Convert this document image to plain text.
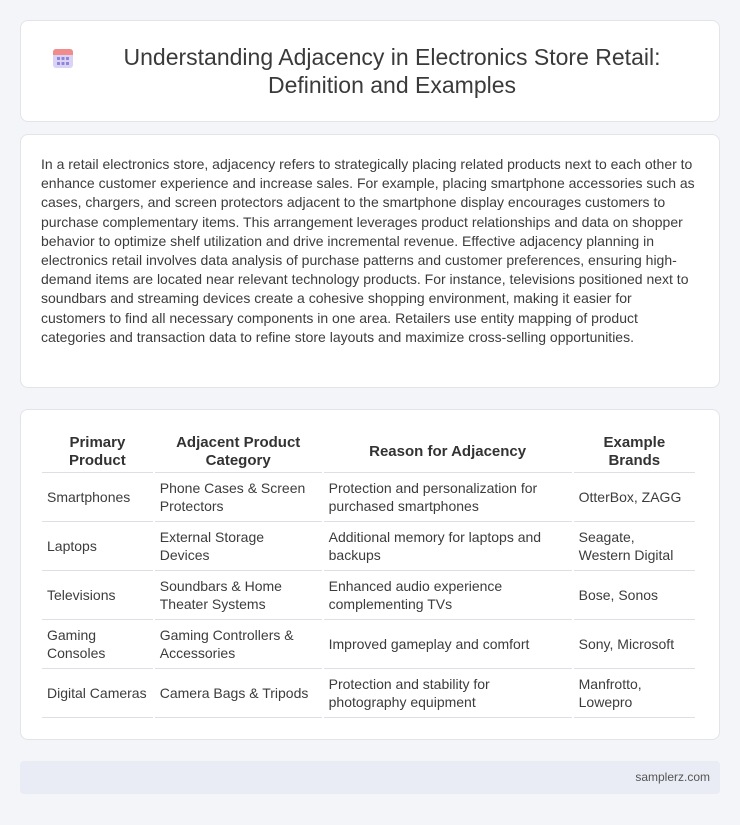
Understanding Adjacency in Electronics Store Retail: Definition and Examples

In a retail electronics store, adjacency refers to strategically placing related products next to each other to enhance customer experience and increase sales. For example, placing smartphone accessories such as cases, chargers, and screen protectors adjacent to the smartphone display encourages customers to purchase complementary items. This arrangement leverages product relationships and data on shopper behavior to optimize shelf utilization and drive incremental revenue. Effective adjacency planning in electronics retail involves data analysis of purchase patterns and customer preferences, ensuring high-demand items are located near relevant technology products. For instance, televisions positioned next to soundbars and streaming devices create a cohesive shopping environment, making it easier for customers to find all necessary components in one area. Retailers use entity mapping of product categories and transaction data to refine store layouts and maximize cross-selling opportunities.

Primary Product	Adjacent Product Category	Reason for Adjacency	Example Brands
Smartphones	Phone Cases & Screen Protectors	Protection and personalization for purchased smartphones	OtterBox, ZAGG
Laptops	External Storage Devices	Additional memory for laptops and backups	Seagate, Western Digital
Televisions	Soundbars & Home Theater Systems	Enhanced audio experience complementing TVs	Bose, Sonos
Gaming Consoles	Gaming Controllers & Accessories	Improved gameplay and comfort	Sony, Microsoft
Digital Cameras	Camera Bags & Tripods	Protection and stability for photography equipment	Manfrotto, Lowepro
samplerz.com
